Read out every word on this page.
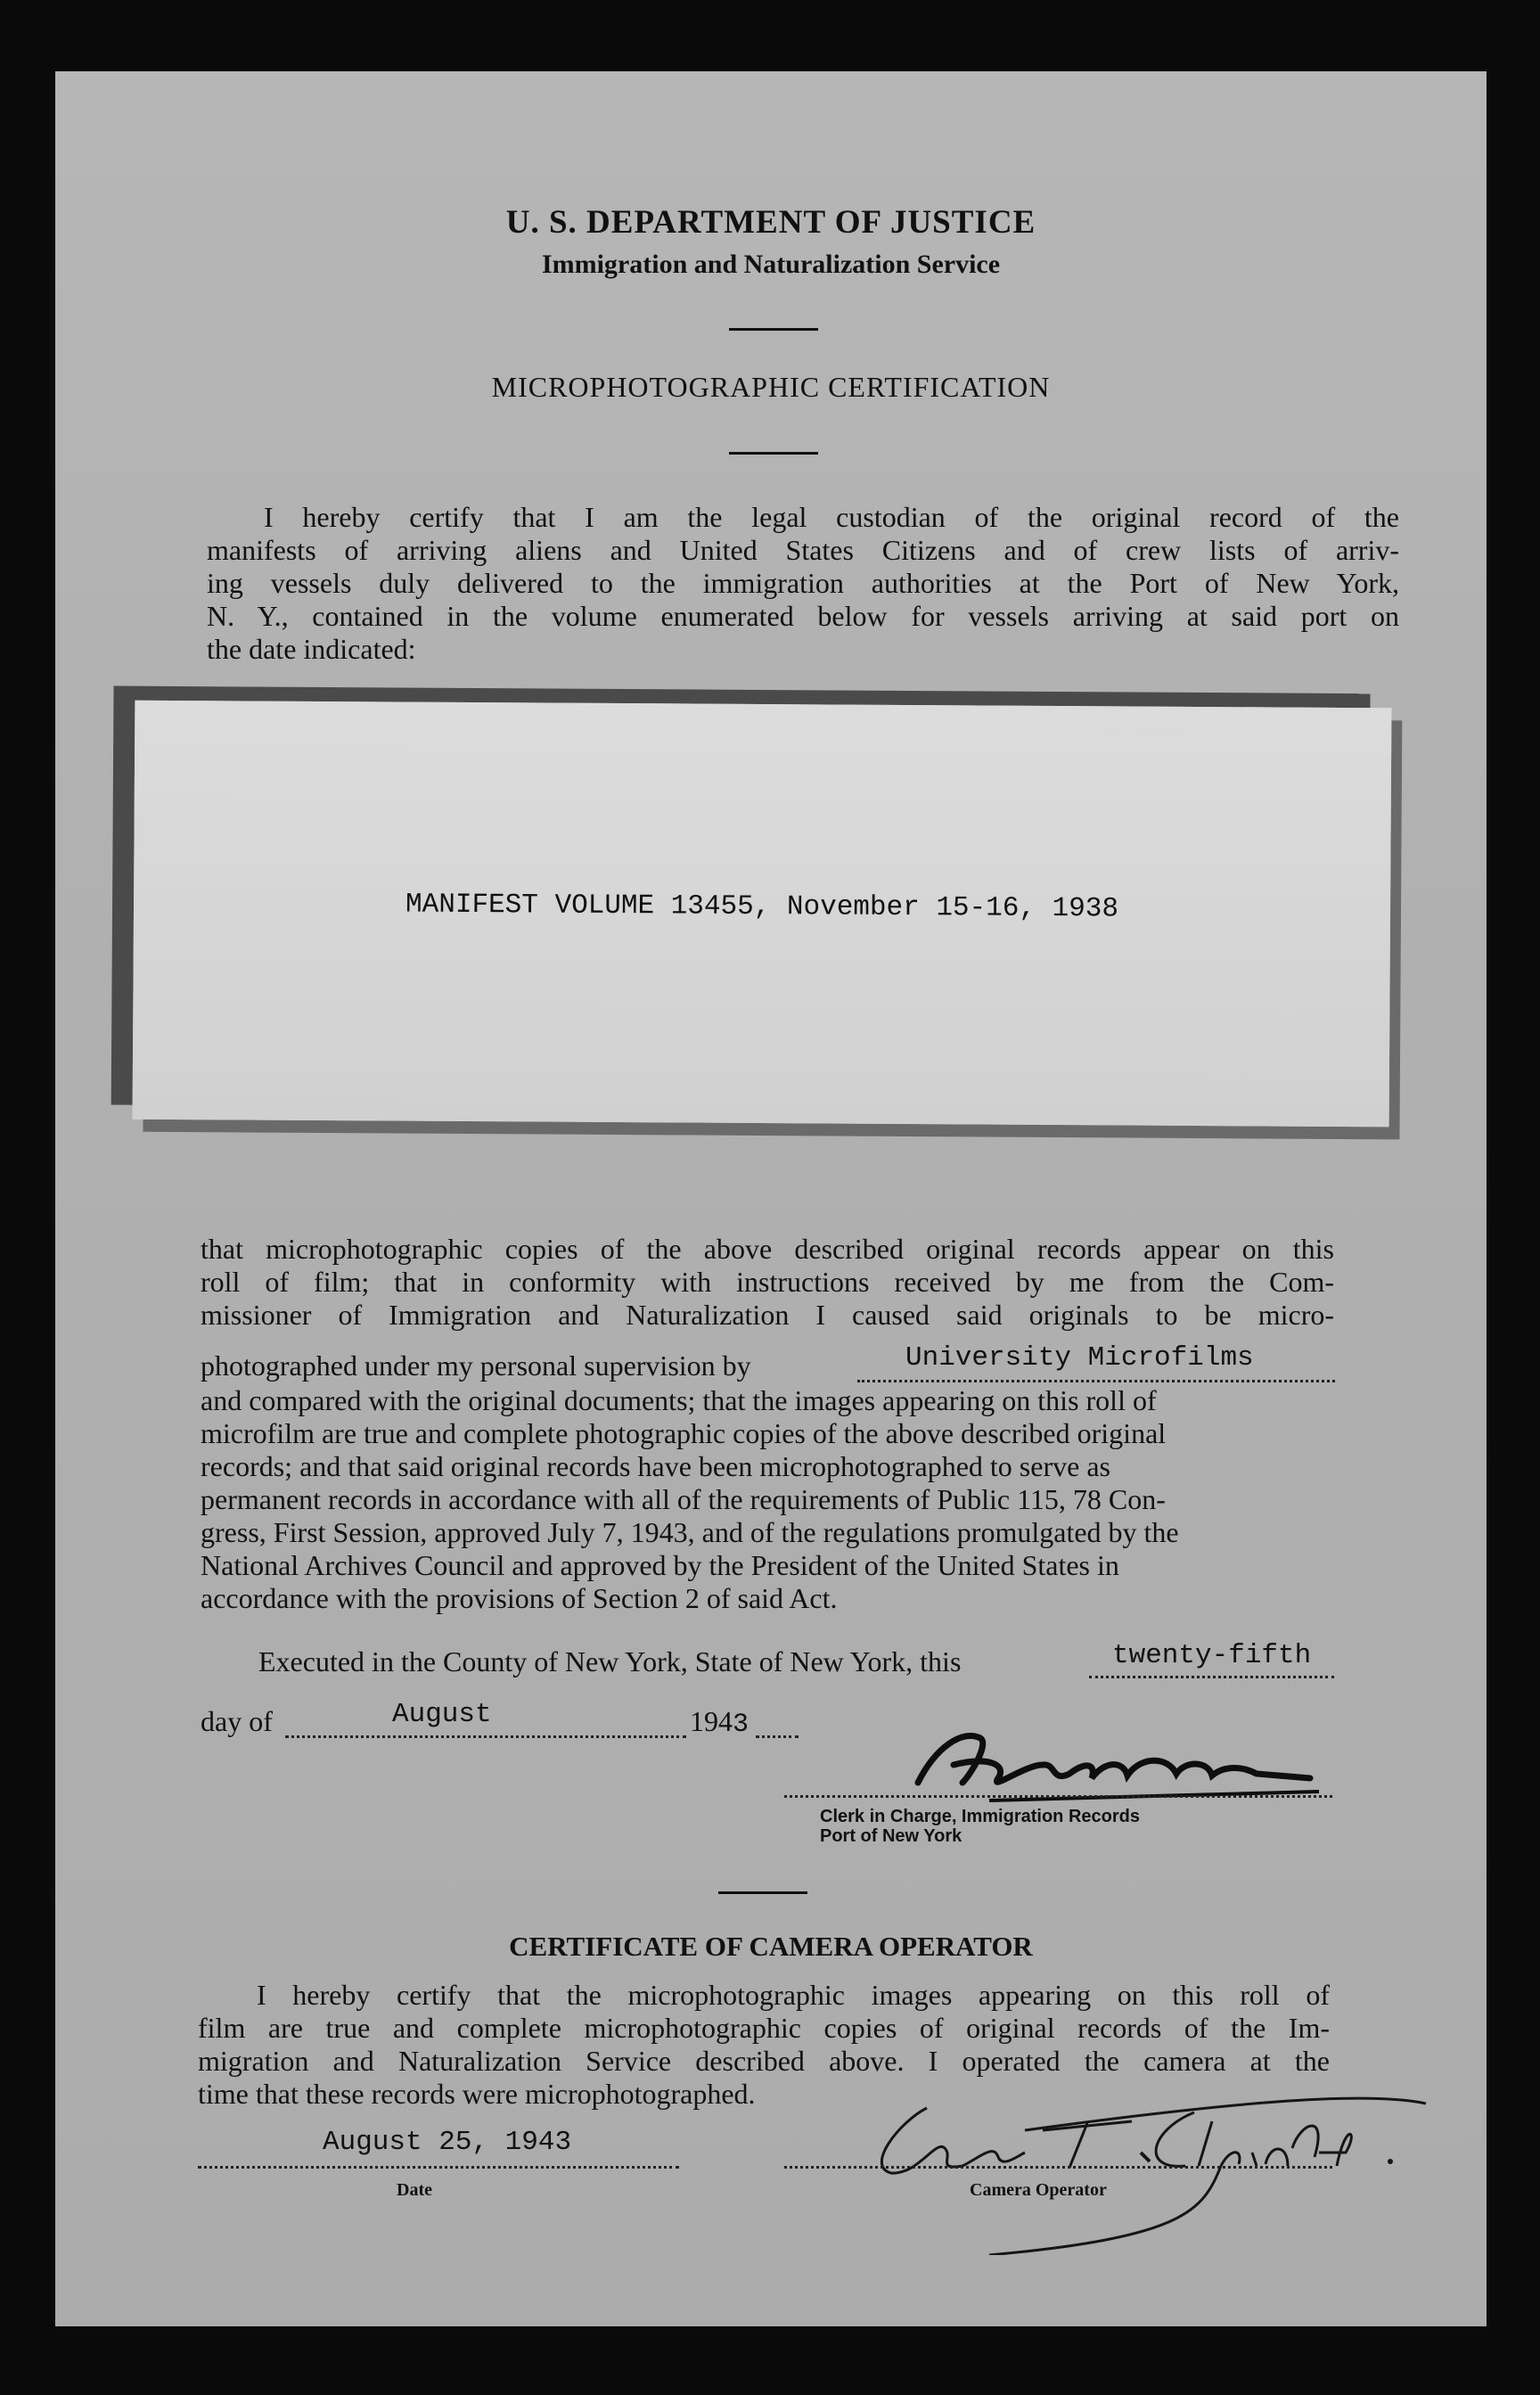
U. S. DEPARTMENT OF JUSTICE
Immigration and Naturalization Service
MICROPHOTOGRAPHIC CERTIFICATION
I hereby certify that I am the legal custodian of the original record of the
manifests of arriving aliens and United States Citizens and of crew lists of arriv-
ing vessels duly delivered to the immigration authorities at the Port of New York,
N. Y., contained in the volume enumerated below for vessels arriving at said port on
the date indicated:
MANIFEST VOLUME 13455, November 15-16, 1938
that microphotographic copies of the above described original records appear on this
roll of film; that in conformity with instructions received by me from the Com-
missioner of Immigration and Naturalization I caused said originals to be micro-
photographed under my personal supervision by	University Microfilms
and compared with the original documents; that the images appearing on this roll of
microfilm are true and complete photographic copies of the above described original
records; and that said original records have been microphotographed to serve as
permanent records in accordance with all of the requirements of Public 115, 78 Con-
gress, First Session, approved July 7, 1943, and of the regulations promulgated by the
National Archives Council and approved by the President of the United States in
accordance with the provisions of Section 2 of said Act.
Executed in the County of New York, State of New York, this	twenty-fifth
day of	August	1943
Clerk in Charge, Immigration Records
Port of New York
CERTIFICATE OF CAMERA OPERATOR
I hereby certify that the microphotographic images appearing on this roll of
film are true and complete microphotographic copies of original records of the Im-
migration and Naturalization Service described above. I operated the camera at the
time that these records were microphotographed.
August 25, 1943
Date	Camera Operator
